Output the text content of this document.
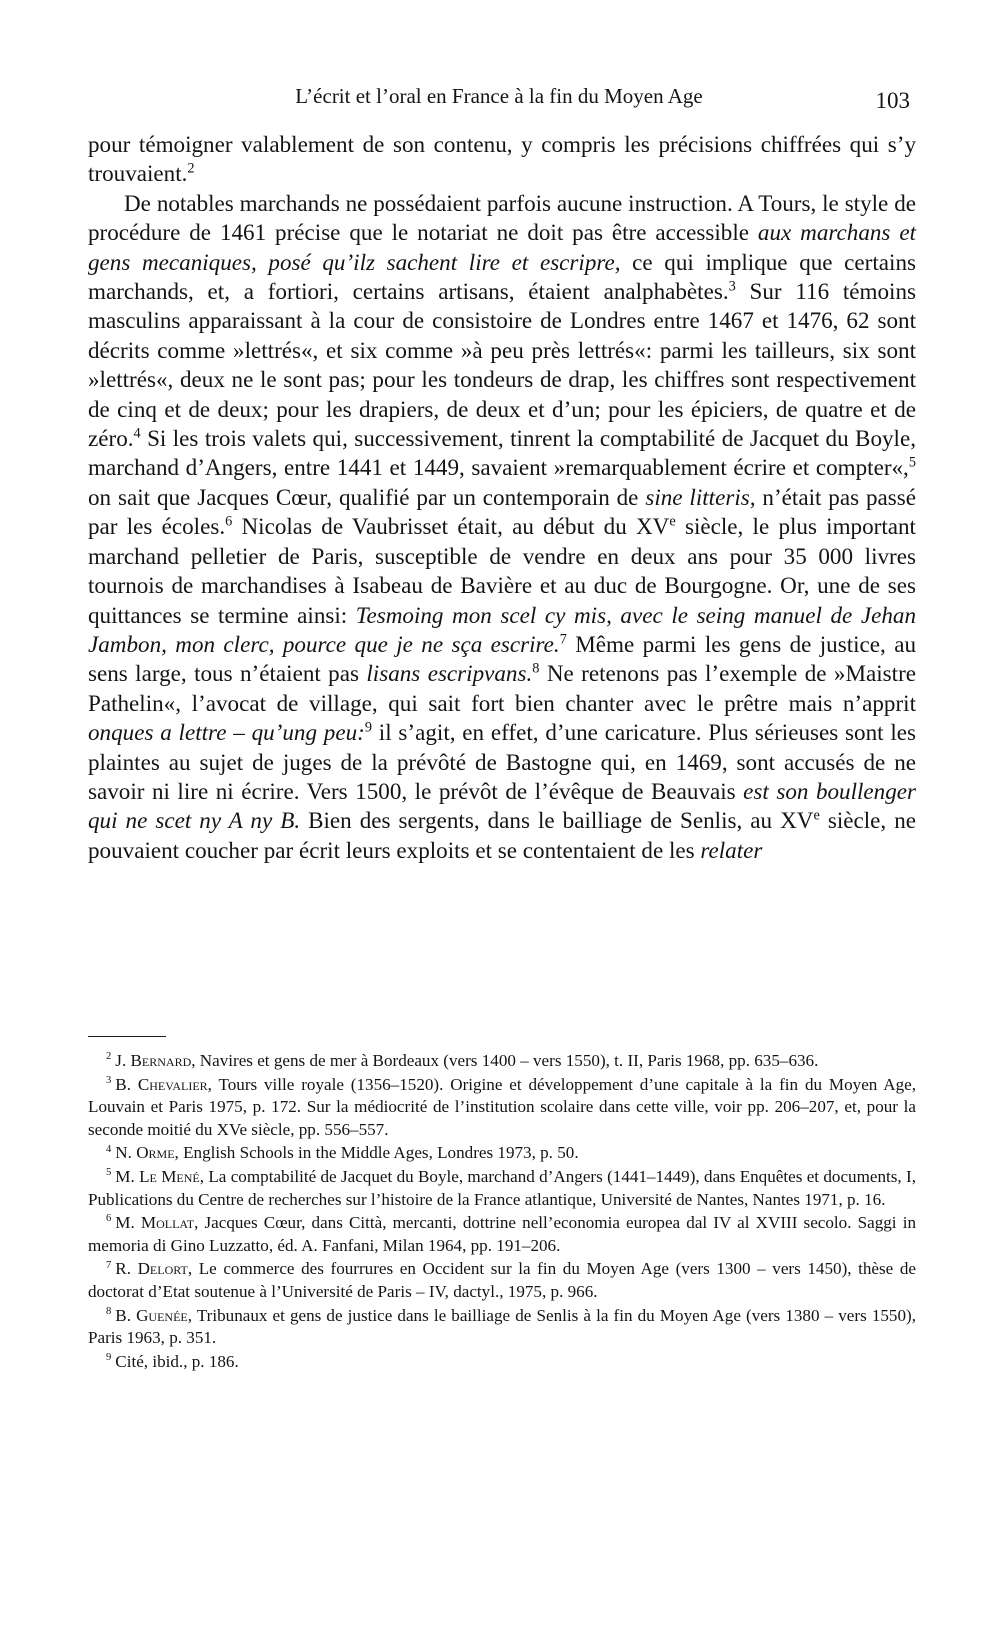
L’écrit et l’oral en France à la fin du Moyen Age	103

pour témoigner valablement de son contenu, y compris les précisions chiffrées qui s’y trouvaient.$^2$

De notables marchands ne possédaient parfois aucune instruction. A Tours, le style de procédure de 1461 précise que le notariat ne doit pas être accessible aux marchans et gens mecaniques, posé qu’ilz sachent lire et escripre, ce qui implique que certains marchands, et, a fortiori, certains artisans, étaient analphabètes.$^3$ Sur 116 témoins masculins apparaissant à la cour de consistoire de Londres entre 1467 et 1476, 62 sont décrits comme »lettrés«, et six comme »à peu près lettrés«: parmi les tailleurs, six sont »lettrés«, deux ne le sont pas; pour les tondeurs de drap, les chiffres sont respectivement de cinq et de deux; pour les drapiers, de deux et d’un; pour les épiciers, de quatre et de zéro.$^4$ Si les trois valets qui, successivement, tinrent la comptabilité de Jacquet du Boyle, marchand d’Angers, entre 1441 et 1449, savaient »remarquablement écrire et compter«,$^5$ on sait que Jacques Cœur, qualifié par un contemporain de sine litteris, n’était pas passé par les écoles.$^6$ Nicolas de Vaubrisset était, au début du XVe siècle, le plus important marchand pelletier de Paris, susceptible de vendre en deux ans pour 35 000 livres tournois de marchandises à Isabeau de Bavière et au duc de Bourgogne. Or, une de ses quittances se termine ainsi: Tesmoing mon scel cy mis, avec le seing manuel de Jehan Jambon, mon clerc, pource que je ne sça escrire.$^7$ Même parmi les gens de justice, au sens large, tous n’étaient pas lisans escripvans.$^8$ Ne retenons pas l’exemple de »Maistre Pathelin«, l’avocat de village, qui sait fort bien chanter avec le prêtre mais n’apprit onques a lettre – qu’ung peu:$^9$ il s’agit, en effet, d’une caricature. Plus sérieuses sont les plaintes au sujet de juges de la prévôté de Bastogne qui, en 1469, sont accusés de ne savoir ni lire ni écrire. Vers 1500, le prévôt de l’évêque de Beauvais est son boullenger qui ne scet ny A ny B. Bien des sergents, dans le bailliage de Senlis, au XVe siècle, ne pouvaient coucher par écrit leurs exploits et se contentaient de les relater

$^2$ J. Bernard, Navires et gens de mer à Bordeaux (vers 1400 – vers 1550), t. II, Paris 1968, pp. 635–636.

$^3$ B. Chevalier, Tours ville royale (1356–1520). Origine et développement d’une capitale à la fin du Moyen Age, Louvain et Paris 1975, p. 172. Sur la médiocrité de l’institution scolaire dans cette ville, voir pp. 206–207, et, pour la seconde moitié du XVe siècle, pp. 556–557.

$^4$ N. Orme, English Schools in the Middle Ages, Londres 1973, p. 50.

$^5$ M. Le Mené, La comptabilité de Jacquet du Boyle, marchand d’Angers (1441–1449), dans Enquêtes et documents, I, Publications du Centre de recherches sur l’histoire de la France atlantique, Université de Nantes, Nantes 1971, p. 16.

$^6$ M. Mollat, Jacques Cœur, dans Città, mercanti, dottrine nell’economia europea dal IV al XVIII secolo. Saggi in memoria di Gino Luzzatto, éd. A. Fanfani, Milan 1964, pp. 191–206.

$^7$ R. Delort, Le commerce des fourrures en Occident sur la fin du Moyen Age (vers 1300 – vers 1450), thèse de doctorat d’Etat soutenue à l’Université de Paris – IV, dactyl., 1975, p. 966.

$^8$ B. Guenée, Tribunaux et gens de justice dans le bailliage de Senlis à la fin du Moyen Age (vers 1380 – vers 1550), Paris 1963, p. 351.

$^9$ Cité, ibid., p. 186.
